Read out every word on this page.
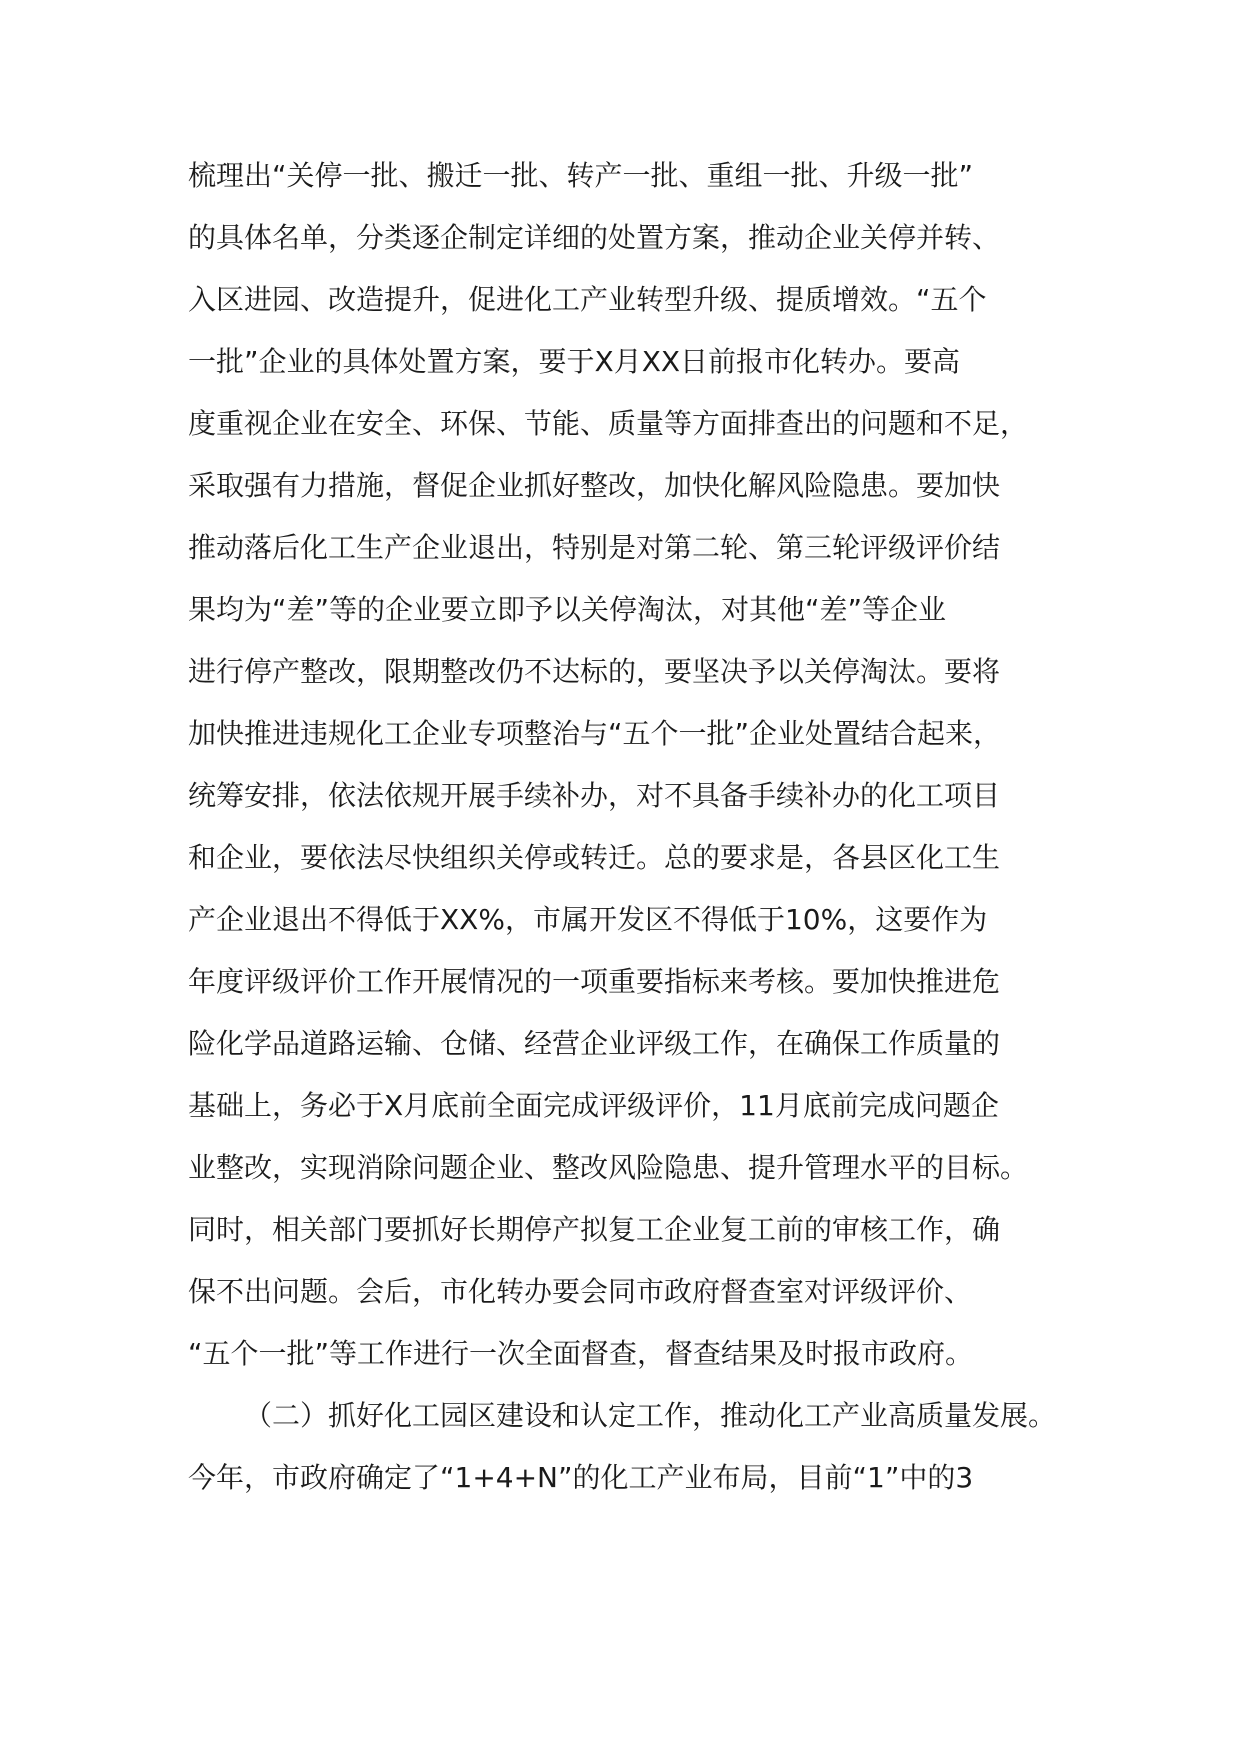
梳理出“关停一批、搬迁一批、转产一批、重组一批、升级一批”
的具体名单，分类逐企制定详细的处置方案，推动企业关停并转、
入区进园、改造提升，促进化工产业转型升级、提质增效。“五个
一批”企业的具体处置方案，要于X月XX日前报市化转办。要高
度重视企业在安全、环保、节能、质量等方面排查出的问题和不足，
采取强有力措施，督促企业抓好整改，加快化解风险隐患。要加快
推动落后化工生产企业退出，特别是对第二轮、第三轮评级评价结
果均为“差”等的企业要立即予以关停淘汰，对其他“差”等企业
进行停产整改，限期整改仍不达标的，要坚决予以关停淘汰。要将
加快推进违规化工企业专项整治与“五个一批”企业处置结合起来，
统筹安排，依法依规开展手续补办，对不具备手续补办的化工项目
和企业，要依法尽快组织关停或转迁。总的要求是，各县区化工生
产企业退出不得低于XX%，市属开发区不得低于10%，这要作为
年度评级评价工作开展情况的一项重要指标来考核。要加快推进危
险化学品道路运输、仓储、经营企业评级工作，在确保工作质量的
基础上，务必于X月底前全面完成评级评价，11月底前完成问题企
业整改，实现消除问题企业、整改风险隐患、提升管理水平的目标。
同时，相关部门要抓好长期停产拟复工企业复工前的审核工作，确
保不出问题。会后，市化转办要会同市政府督查室对评级评价、
“五个一批”等工作进行一次全面督查，督查结果及时报市政府。
（二）抓好化工园区建设和认定工作，推动化工产业高质量发展。
今年，市政府确定了“1+4+N”的化工产业布局，目前“1”中的3
